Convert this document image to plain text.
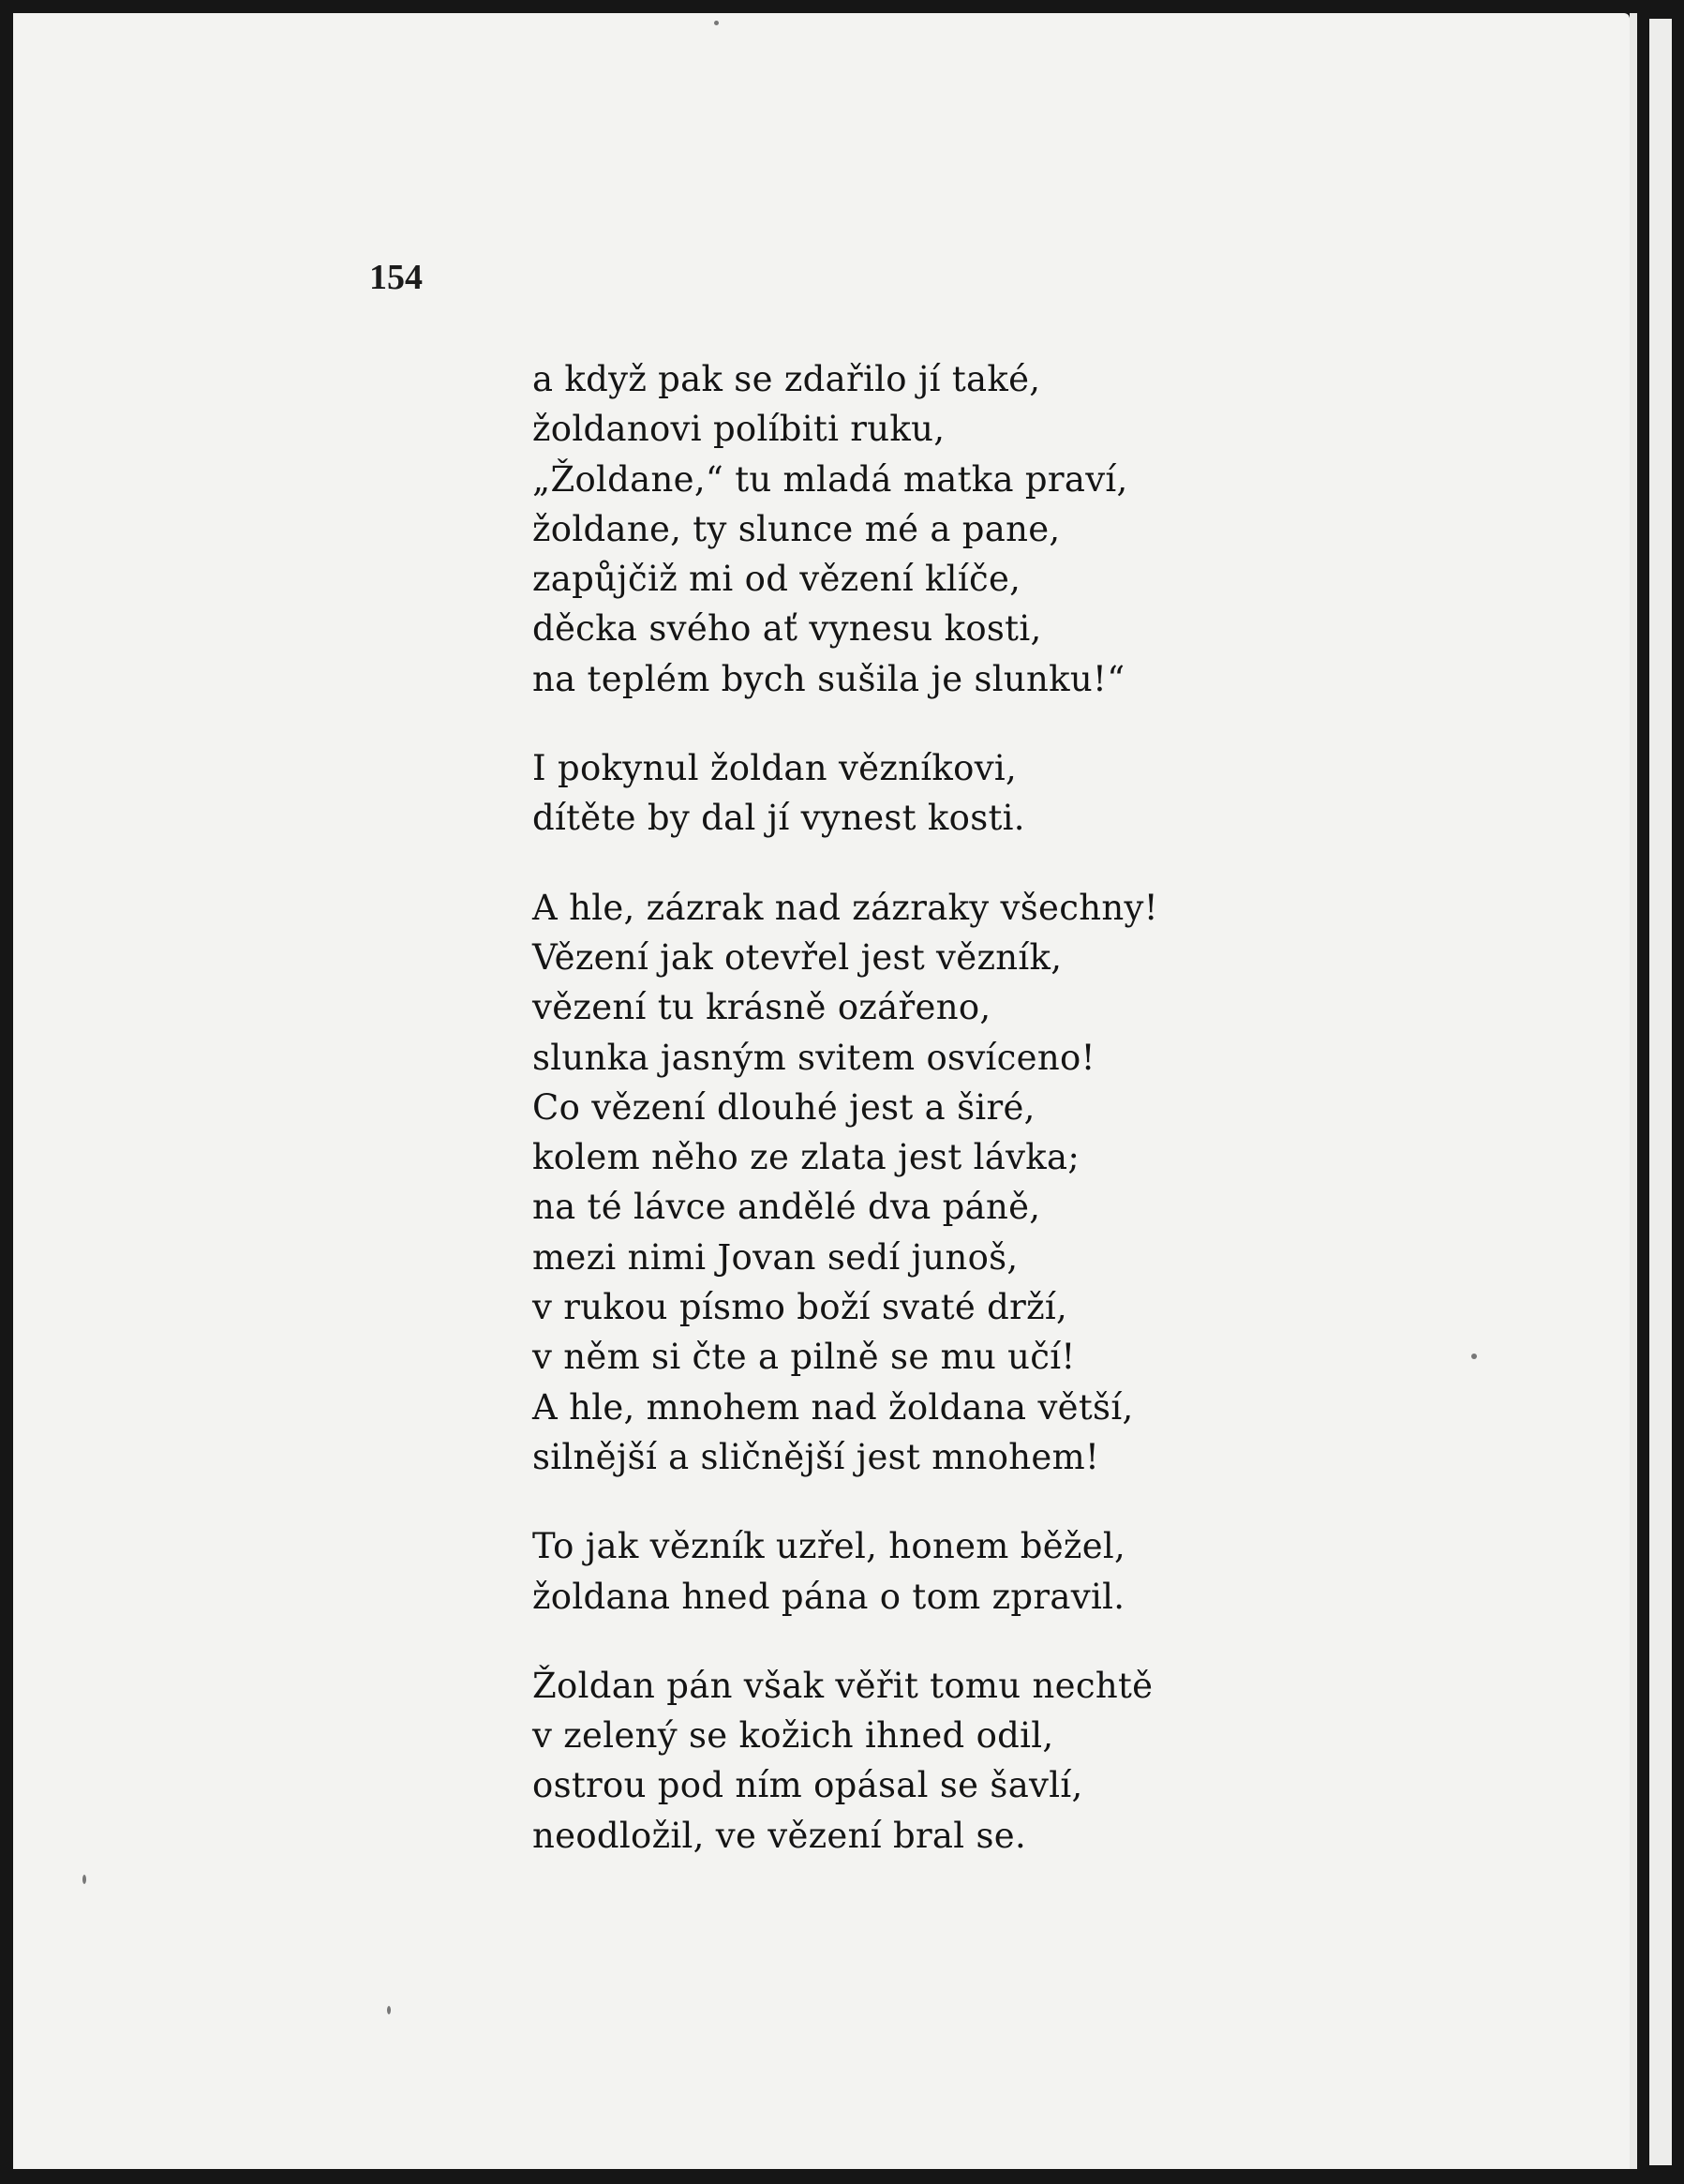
154

a když pak se zdařilo jí také,
žoldanovi políbiti ruku,
„Žoldane,“ tu mladá matka praví,
žoldane, ty slunce mé a pane,
zapůjčiž mi od vězení klíče,
děcka svého ať vynesu kosti,
na teplém bych sušila je slunku!“
I pokynul žoldan vězníkovi,
dítěte by dal jí vynest kosti.
A hle, zázrak nad zázraky všechny!
Vězení jak otevřel jest vězník,
vězení tu krásně ozářeno,
slunka jasným svitem osvíceno!
Co vězení dlouhé jest a širé,
kolem něho ze zlata jest lávka;
na té lávce andělé dva páně,
mezi nimi Jovan sedí junoš,
v rukou písmo boží svaté drží,
v něm si čte a pilně se mu učí!
A hle, mnohem nad žoldana větší,
silnější a sličnější jest mnohem!
To jak vězník uzřel, honem běžel,
žoldana hned pána o tom zpravil.
Žoldan pán však věřit tomu nechtě
v zelený se kožich ihned odil,
ostrou pod ním opásal se šavlí,
neodložil, ve vězení bral se.
